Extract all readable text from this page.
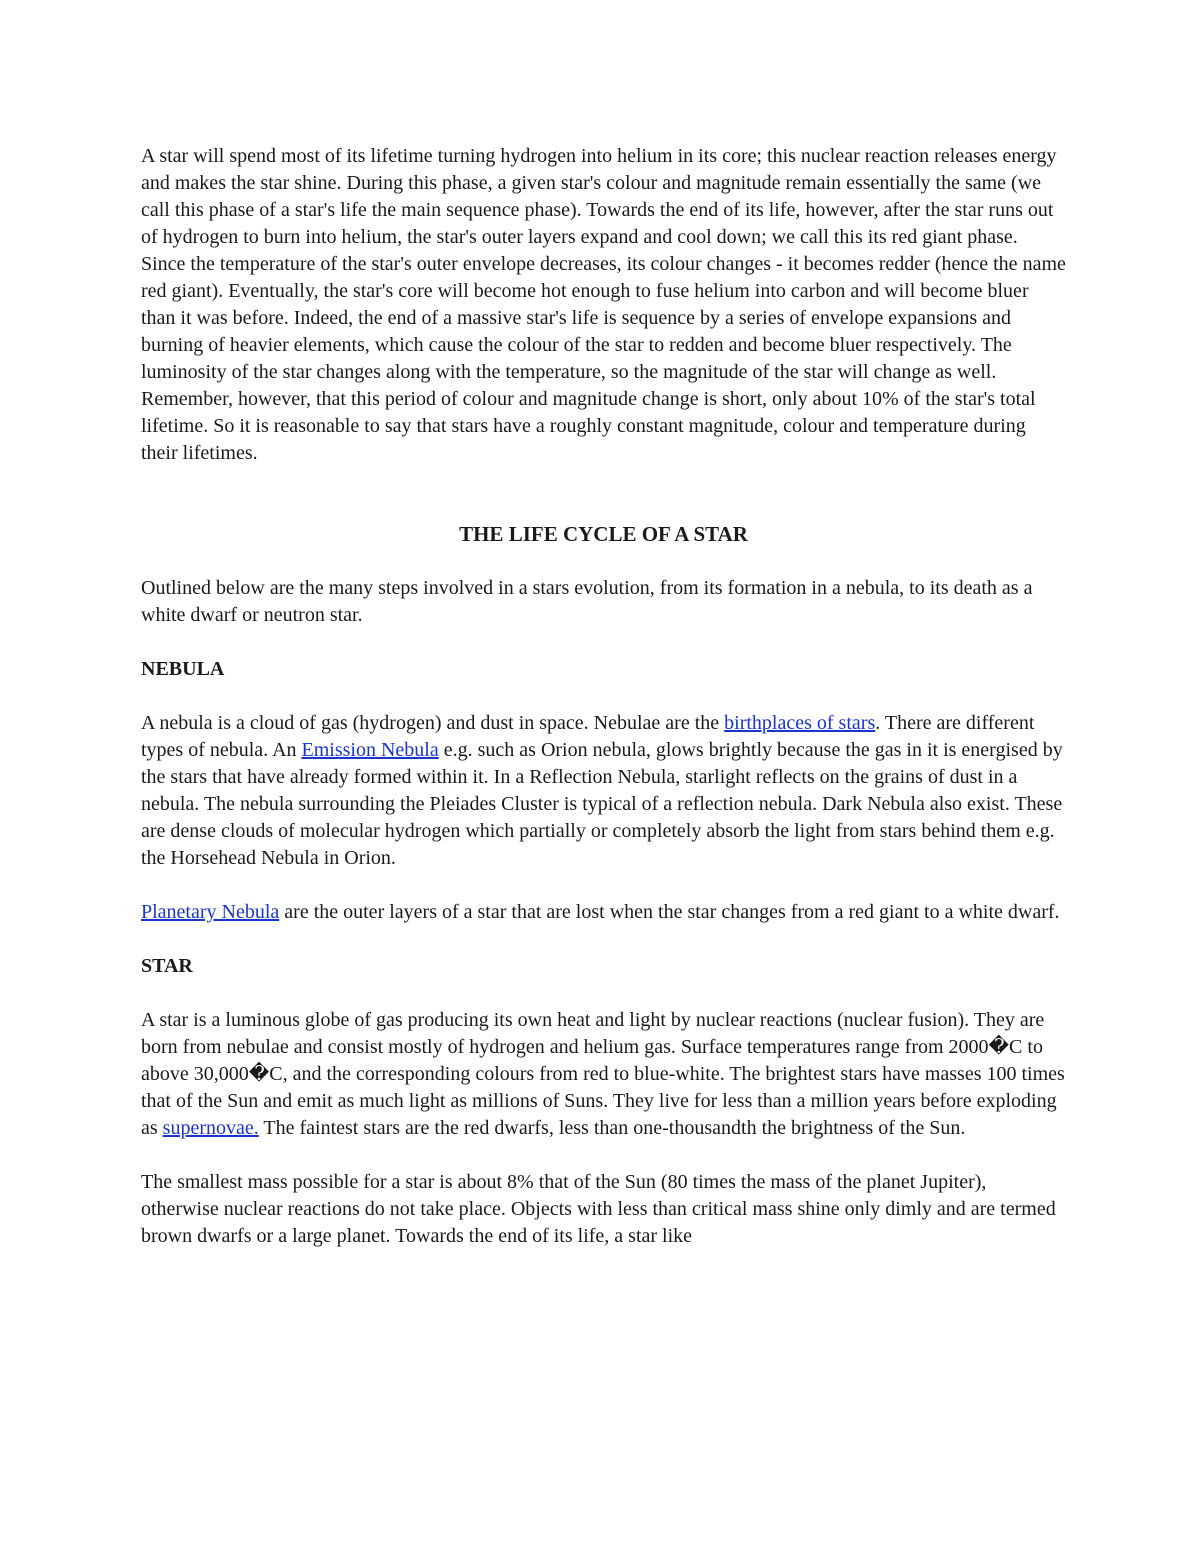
A star will spend most of its lifetime turning hydrogen into helium in its core; this nuclear reaction releases energy and makes the star shine. During this phase, a given star's colour and magnitude remain essentially the same (we call this phase of a star's life the main sequence phase). Towards the end of its life, however, after the star runs out of hydrogen to burn into helium, the star's outer layers expand and cool down; we call this its red giant phase. Since the temperature of the star's outer envelope decreases, its colour changes - it becomes redder (hence the name red giant). Eventually, the star's core will become hot enough to fuse helium into carbon and will become bluer than it was before. Indeed, the end of a massive star's life is sequence by a series of envelope expansions and burning of heavier elements, which cause the colour of the star to redden and become bluer respectively. The luminosity of the star changes along with the temperature, so the magnitude of the star will change as well. Remember, however, that this period of colour and magnitude change is short, only about 10% of the star's total lifetime. So it is reasonable to say that stars have a roughly constant magnitude, colour and temperature during their lifetimes.

THE LIFE CYCLE OF A STAR

Outlined below are the many steps involved in a stars evolution, from its formation in a nebula, to its death as a white dwarf or neutron star.

NEBULA

A nebula is a cloud of gas (hydrogen) and dust in space. Nebulae are the birthplaces of stars. There are different types of nebula. An Emission Nebula e.g. such as Orion nebula, glows brightly because the gas in it is energised by the stars that have already formed within it. In a Reflection Nebula, starlight reflects on the grains of dust in a nebula. The nebula surrounding the Pleiades Cluster is typical of a reflection nebula. Dark Nebula also exist. These are dense clouds of molecular hydrogen which partially or completely absorb the light from stars behind them e.g. the Horsehead Nebula in Orion.

Planetary Nebula are the outer layers of a star that are lost when the star changes from a red giant to a white dwarf.

STAR

A star is a luminous globe of gas producing its own heat and light by nuclear reactions (nuclear fusion). They are born from nebulae and consist mostly of hydrogen and helium gas. Surface temperatures range from 2000�C to above 30,000�C, and the corresponding colours from red to blue-white. The brightest stars have masses 100 times that of the Sun and emit as much light as millions of Suns. They live for less than a million years before exploding as supernovae. The faintest stars are the red dwarfs, less than one-thousandth the brightness of the Sun.

The smallest mass possible for a star is about 8% that of the Sun (80 times the mass of the planet Jupiter), otherwise nuclear reactions do not take place. Objects with less than critical mass shine only dimly and are termed brown dwarfs or a large planet. Towards the end of its life, a star like
